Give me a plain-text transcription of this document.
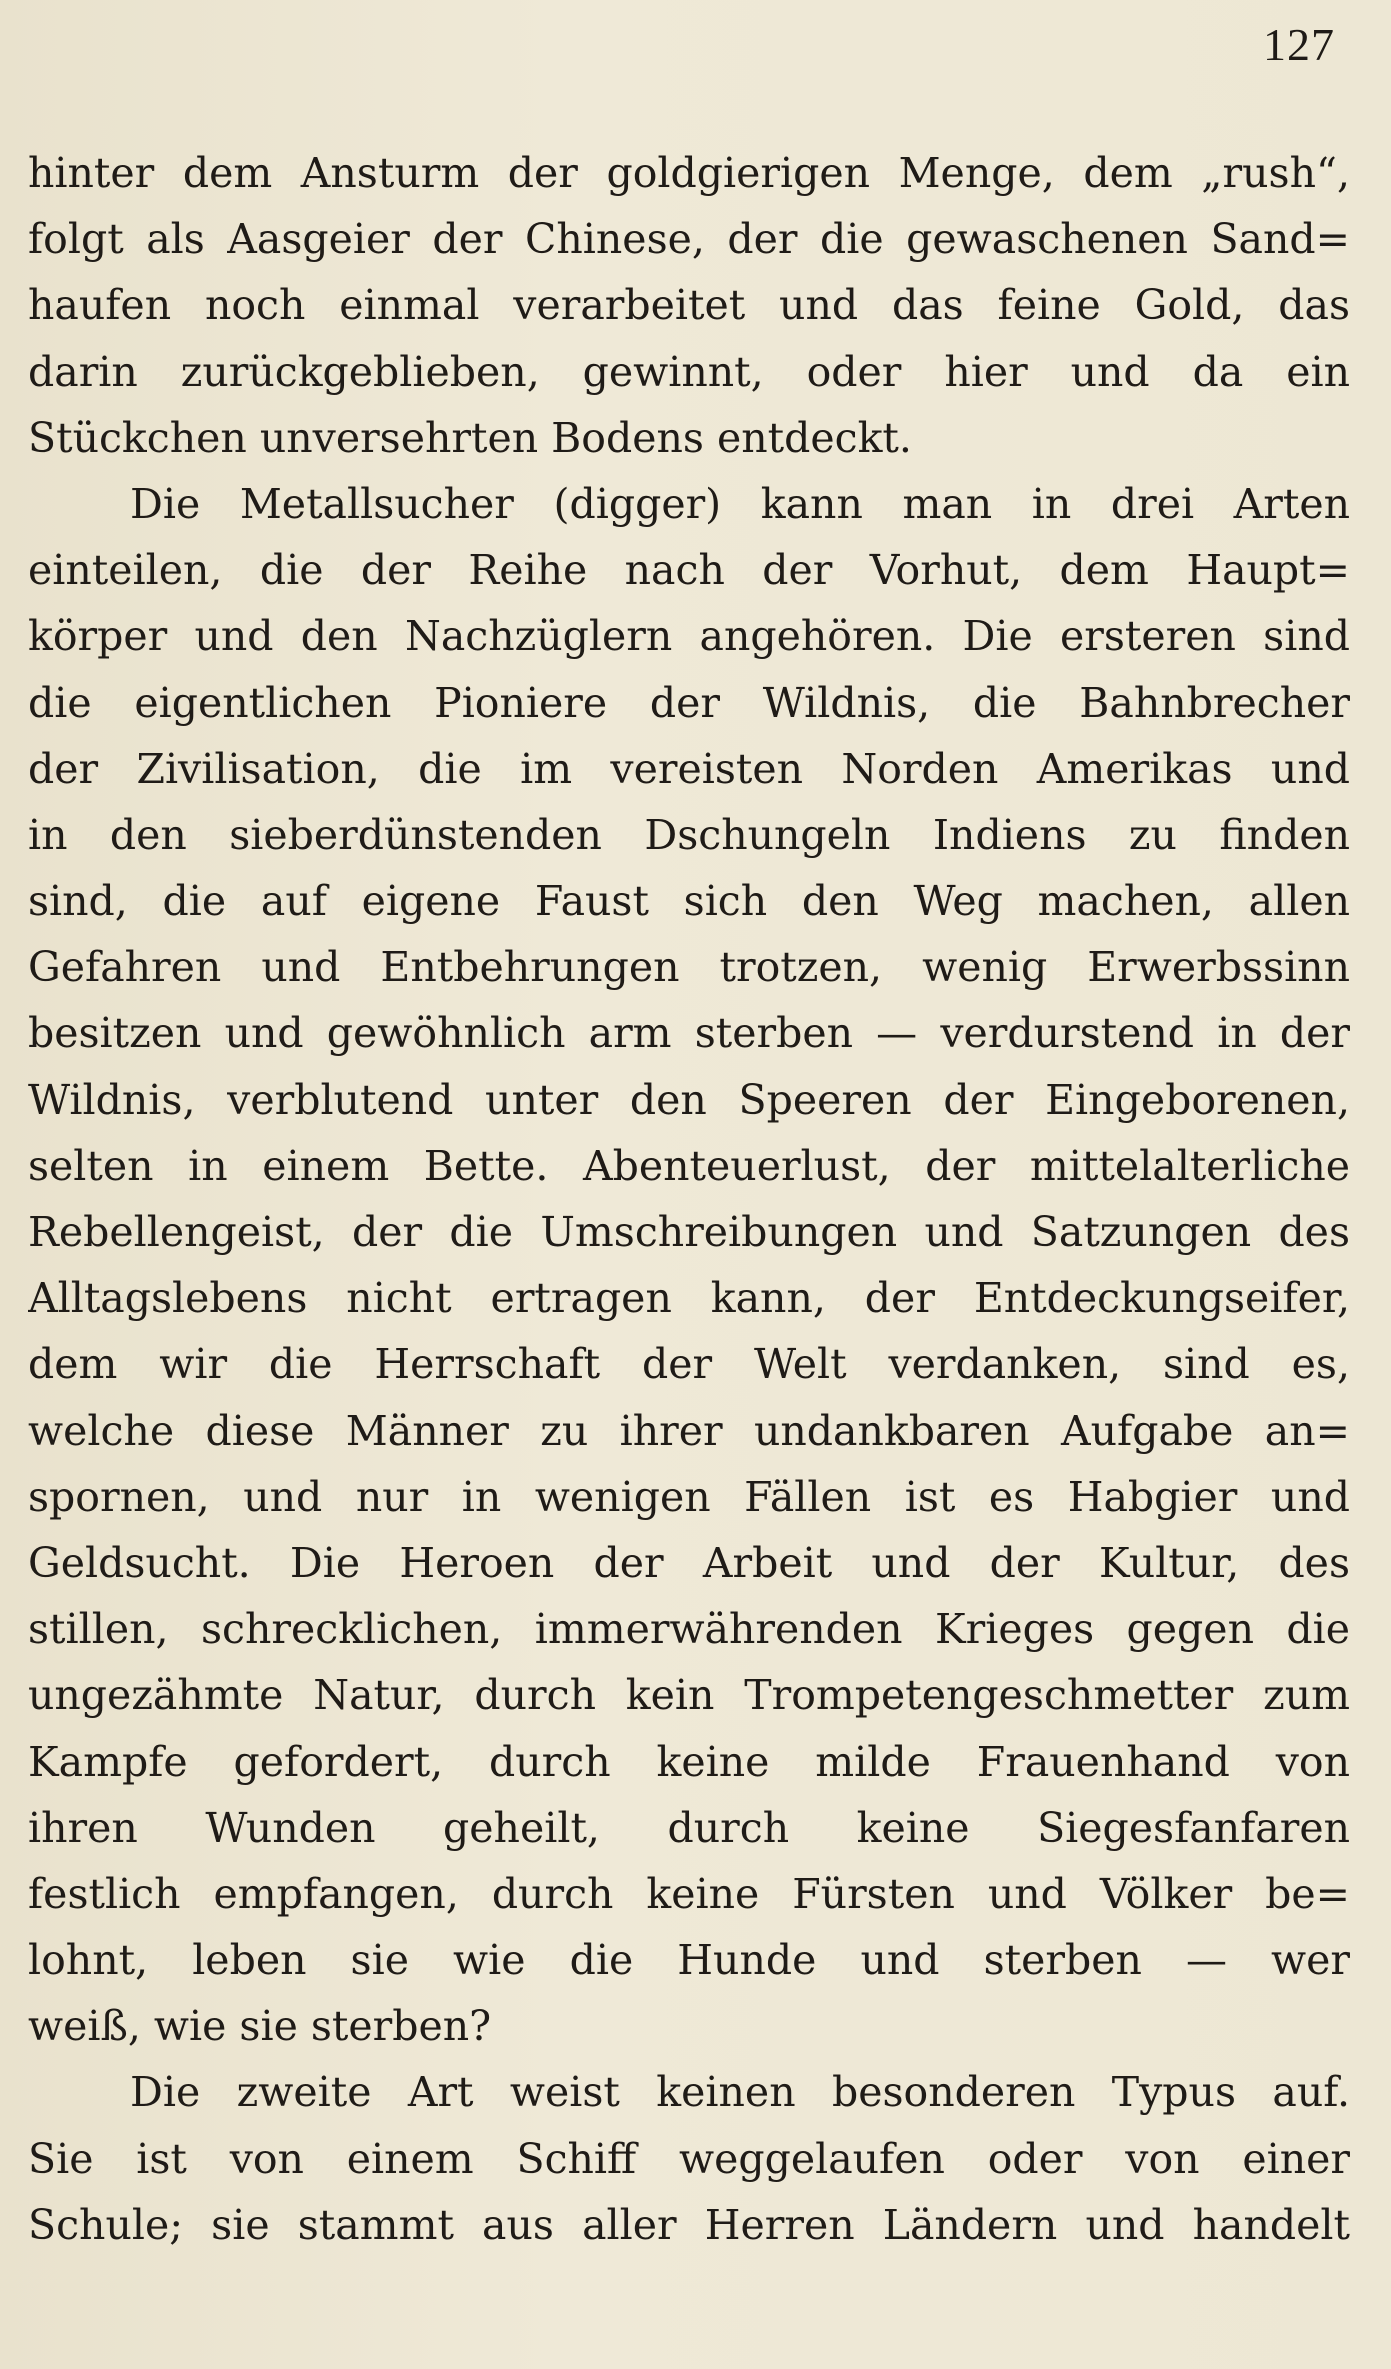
127
hinter dem Ansturm der goldgierigen Menge, dem „rush“,
folgt als Aasgeier der Chinese, der die gewaschenen Sand=
haufen noch einmal verarbeitet und das feine Gold, das
darin zurückgeblieben, gewinnt, oder hier und da ein
Stückchen unversehrten Bodens entdeckt.
Die Metallsucher (digger) kann man in drei Arten
einteilen, die der Reihe nach der Vorhut, dem Haupt=
körper und den Nachzüglern angehören. Die ersteren sind
die eigentlichen Pioniere der Wildnis, die Bahnbrecher
der Zivilisation, die im vereisten Norden Amerikas und
in den sieberdünstenden Dschungeln Indiens zu finden
sind, die auf eigene Faust sich den Weg machen, allen
Gefahren und Entbehrungen trotzen, wenig Erwerbssinn
besitzen und gewöhnlich arm sterben — verdurstend in der
Wildnis, verblutend unter den Speeren der Eingeborenen,
selten in einem Bette. Abenteuerlust, der mittelalterliche
Rebellengeist, der die Umschreibungen und Satzungen des
Alltagslebens nicht ertragen kann, der Entdeckungseifer,
dem wir die Herrschaft der Welt verdanken, sind es,
welche diese Männer zu ihrer undankbaren Aufgabe an=
spornen, und nur in wenigen Fällen ist es Habgier und
Geldsucht. Die Heroen der Arbeit und der Kultur, des
stillen, schrecklichen, immerwährenden Krieges gegen die
ungezähmte Natur, durch kein Trompetengeschmetter zum
Kampfe gefordert, durch keine milde Frauenhand von
ihren Wunden geheilt, durch keine Siegesfanfaren
festlich empfangen, durch keine Fürsten und Völker be=
lohnt, leben sie wie die Hunde und sterben — wer
weiß, wie sie sterben?
Die zweite Art weist keinen besonderen Typus auf.
Sie ist von einem Schiff weggelaufen oder von einer
Schule; sie stammt aus aller Herren Ländern und handelt
